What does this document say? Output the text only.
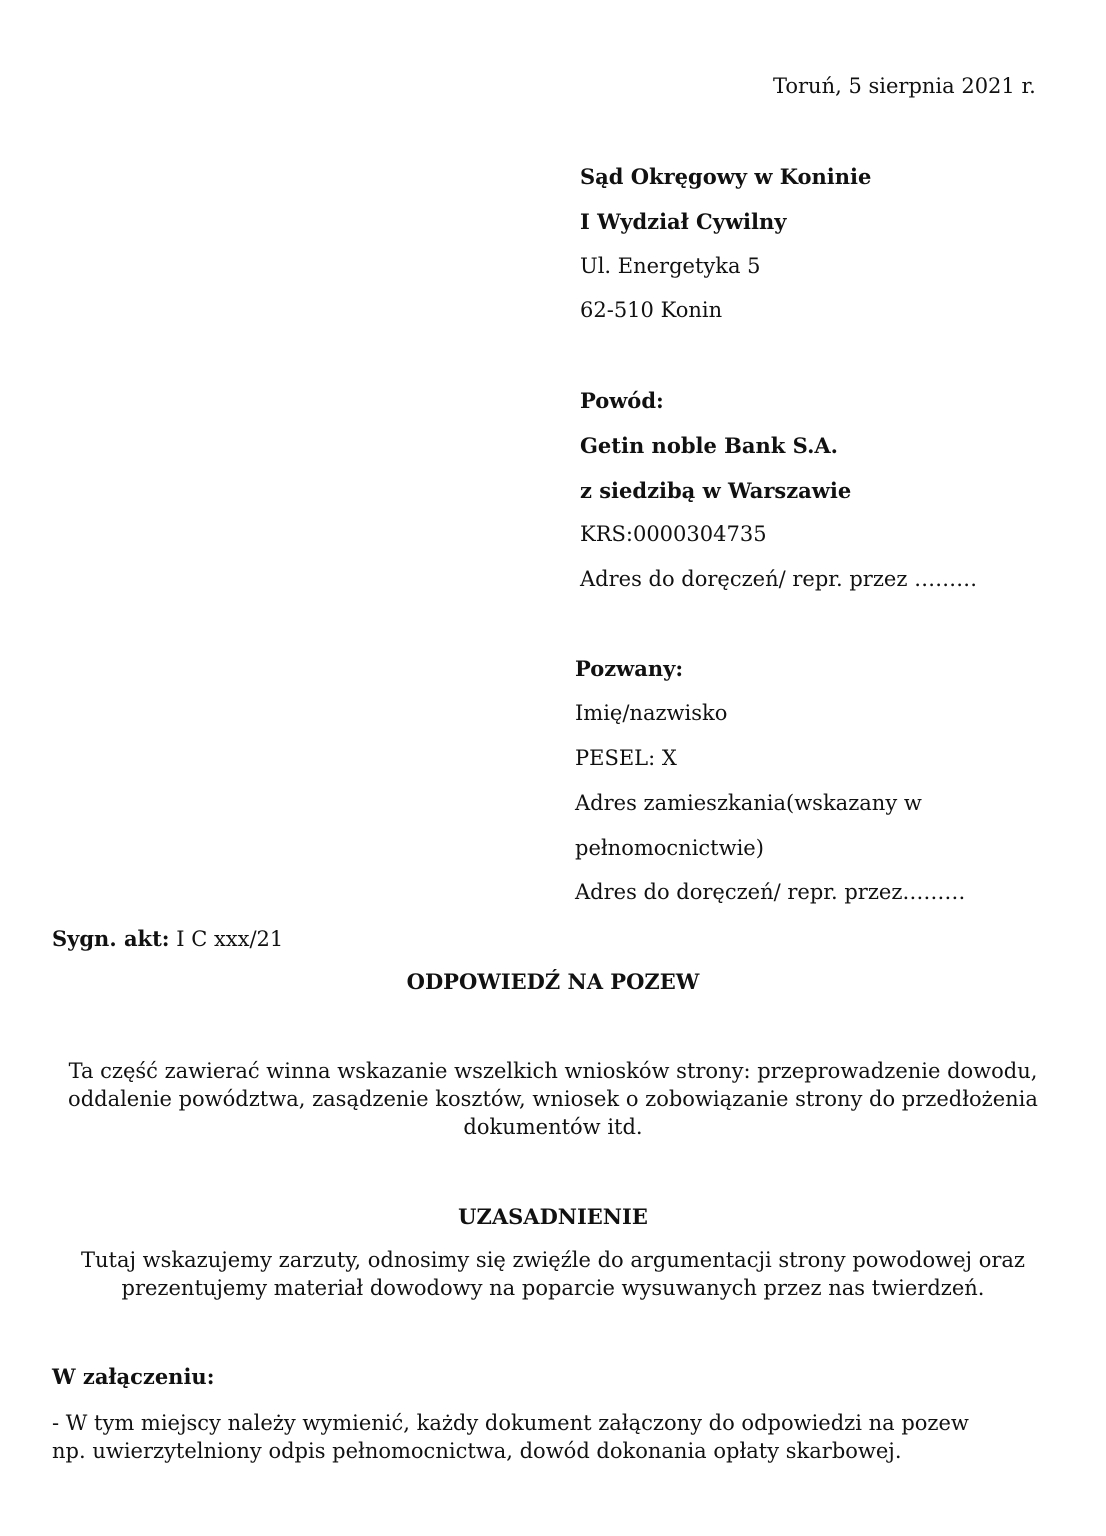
Toruń, 5 sierpnia 2021 r.
Sąd Okręgowy w Koninie
I Wydział Cywilny
Ul. Energetyka 5
62-510 Konin
Powód:
Getin noble Bank S.A.
z siedzibą w Warszawie
KRS:0000304735
Adres do doręczeń/ repr. przez ………
Pozwany:
Imię/nazwisko
PESEL: X
Adres zamieszkania(wskazany w
pełnomocnictwie)
Adres do doręczeń/ repr. przez………
Sygn. akt: I C xxx/21
ODPOWIEDŹ NA POZEW
Ta część zawierać winna wskazanie wszelkich wniosków strony: przeprowadzenie dowodu, oddalenie powództwa, zasądzenie kosztów, wniosek o zobowiązanie strony do przedłożenia dokumentów itd.
UZASADNIENIE
Tutaj wskazujemy zarzuty, odnosimy się zwięźle do argumentacji strony powodowej oraz prezentujemy materiał dowodowy na poparcie wysuwanych przez nas twierdzeń.
W załączeniu:
- W tym miejscy należy wymienić, każdy dokument załączony do odpowiedzi na pozew np. uwierzytelniony odpis pełnomocnictwa, dowód dokonania opłaty skarbowej.
